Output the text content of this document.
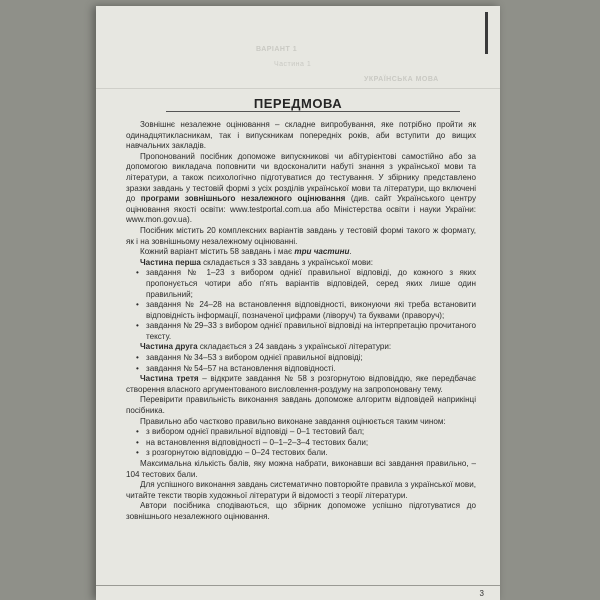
ВАРІАНТ 1
Частина 1
УКРАЇНСЬКА МОВА
ПЕРЕДМОВА

Зовнішнє незалежне оцінювання – складне випробування, яке потрібно пройти як одинадцятикласникам, так і випускникам попередніх років, аби вступити до вищих навчальних закладів.

Пропонований посібник допоможе випускникові чи абітурієнтові самостійно або за допомогою викладача поповнити чи вдосконалити набуті знання з української мови та літератури, а також психологічно підготуватися до тестування. У збірнику представлено зразки завдань у тестовій формі з усіх розділів української мови та літератури, що включені до програми зовнішнього незалежного оцінювання (див. сайт Українського центру оцінювання якості освіти: www.testportal.com.ua або Міністерства освіти і науки України: www.mon.gov.ua).

Посібник містить 20 комплексних варіантів завдань у тестовій формі такого ж формату, як і на зовнішньому незалежному оцінюванні.

Кожний варіант містить 58 завдань і має три частини.

Частина перша складається з 33 завдань з української мови:

• завдання № 1–23 з вибором однієї правильної відповіді, до кожного з яких пропонується чотири або п'ять варіантів відповідей, серед яких лише один правильний;
• завдання № 24–28 на встановлення відповідності, виконуючи які треба встановити відповідність інформації, позначеної цифрами (ліворуч) та буквами (праворуч);
• завдання № 29–33 з вибором однієї правильної відповіді на інтерпретацію прочитаного тексту.

Частина друга складається з 24 завдань з української літератури:

• завдання № 34–53 з вибором однієї правильної відповіді;
• завдання № 54–57 на встановлення відповідності.

Частина третя – відкрите завдання № 58 з розгорнутою відповіддю, яке передбачає створення власного аргументованого висловлення-роздуму на запропоновану тему.

Перевірити правильність виконання завдань допоможе алгоритм відповідей наприкінці посібника.

Правильно або частково правильно виконане завдання оцінюється таким чином:

• з вибором однієї правильної відповіді – 0–1 тестовий бал;
• на встановлення відповідності – 0–1–2–3–4 тестових бали;
• з розгорнутою відповіддю – 0–24 тестових бали.

Максимальна кількість балів, яку можна набрати, виконавши всі завдання правильно, – 104 тестових бали.

Для успішного виконання завдань систематично повторюйте правила з української мови, читайте тексти творів художньої літератури й відомості з теорії літератури.

Автори посібника сподіваються, що збірник допоможе успішно підготуватися до зовнішнього незалежного оцінювання.

3
